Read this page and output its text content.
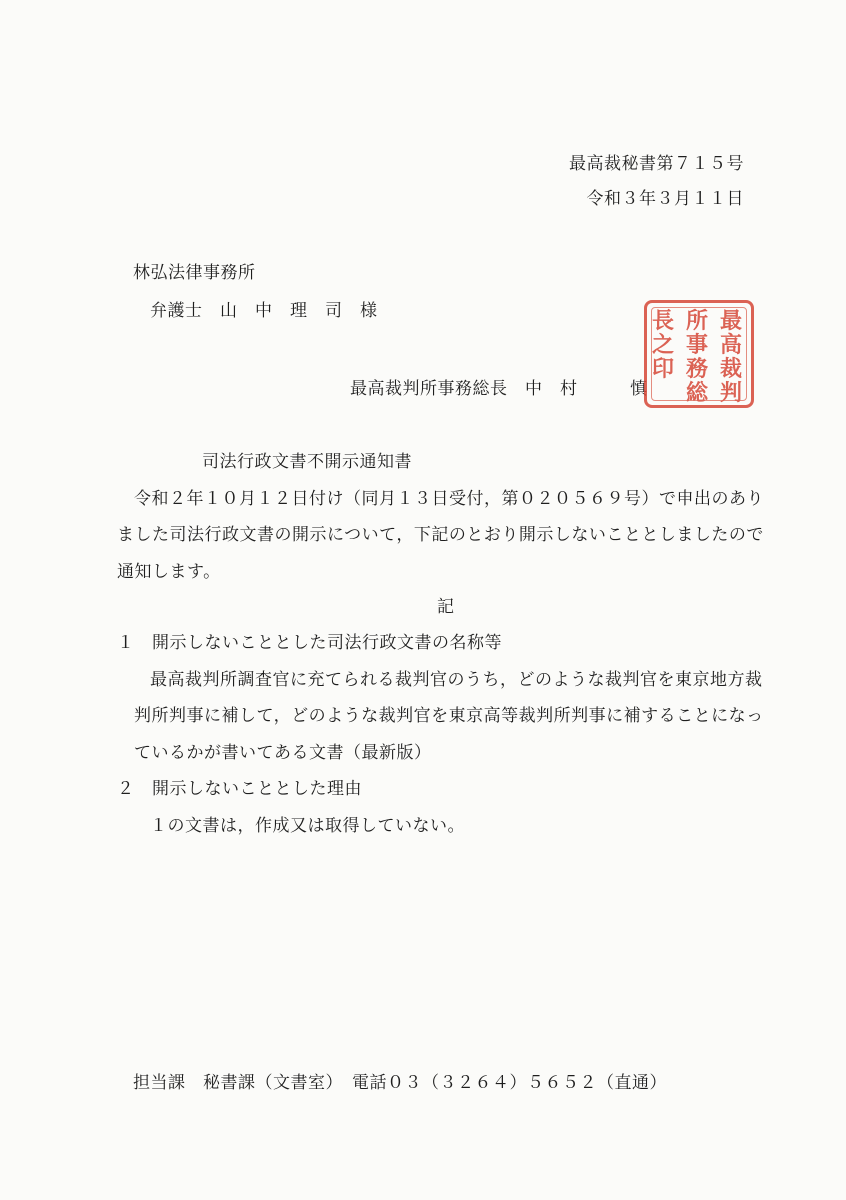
最高裁秘書第７１５号
令和３年３月１１日
林弘法律事務所
弁護士　山　中　理　司　様
最高裁判所事務総長　中　村　　　慎
最
高
裁
判
所
事
務
総
長
之
印
司法行政文書不開示通知書
令和２年１０月１２日付け（同月１３日受付，第０２０５６９号）で申出のあり
ました司法行政文書の開示について，下記のとおり開示しないこととしましたので
通知します。
記
１　開示しないこととした司法行政文書の名称等
最高裁判所調査官に充てられる裁判官のうち，どのような裁判官を東京地方裁
判所判事に補して，どのような裁判官を東京高等裁判所判事に補することになっ
ているかが書いてある文書（最新版）
２　開示しないこととした理由
１の文書は，作成又は取得していない。
担当課　秘書課（文書室）　電話０３（３２６４）５６５２（直通）
